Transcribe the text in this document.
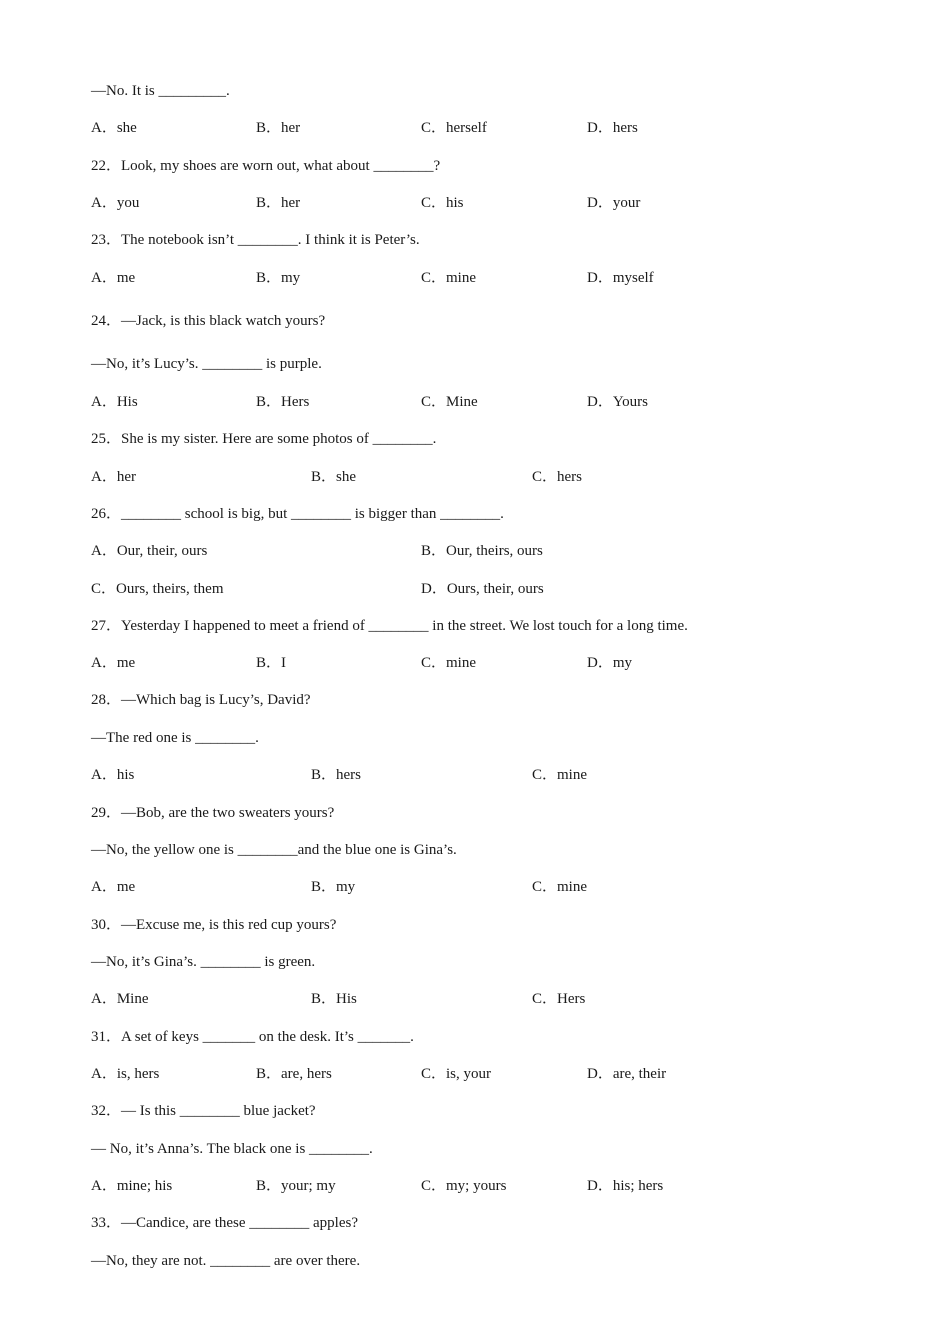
—No. It is _________.
22．Look, my shoes are worn out, what about ________?
23．The notebook isn’t ________. I think it is Peter’s.
24．—Jack, is this black watch yours?
—No, it’s Lucy’s. ________ is purple.
25．She is my sister. Here are some photos of ________.
26．________ school is big, but ________ is bigger than ________.
27．Yesterday I happened to meet a friend of ________ in the street. We lost touch for a long time.
28．—Which bag is Lucy’s, David?
—The red one is ________.
29．—Bob, are the two sweaters yours?
—No, the yellow one is ________and the blue one is Gina’s.
30．—Excuse me, is this red cup yours?
—No, it’s Gina’s. ________ is green.
31．A set of keys _______ on the desk. It’s _______.
32．— Is this ________ blue jacket?
— No, it’s Anna’s. The black one is ________.
33．—Candice, are these ________ apples?
—No, they are not. ________ are over there.
A．she	B．her	C．herself	D．hers
A．you	B．her	C．his	D．your
A．me	B．my	C．mine	D．myself
A．His	B．Hers	C．Mine	D．Yours
A．her	B．she	C．hers
A．Our, their, ours	B．Our, theirs, ours
C．Ours, theirs, them	D．Ours, their, ours
A．me	B．I	C．mine	D．my
A．his	B．hers	C．mine
A．me	B．my	C．mine
A．Mine	B．His	C．Hers
A．is, hers	B．are, hers	C．is, your	D．are, their
A．mine; his	B．your; my	C．my; yours	D．his; hers
